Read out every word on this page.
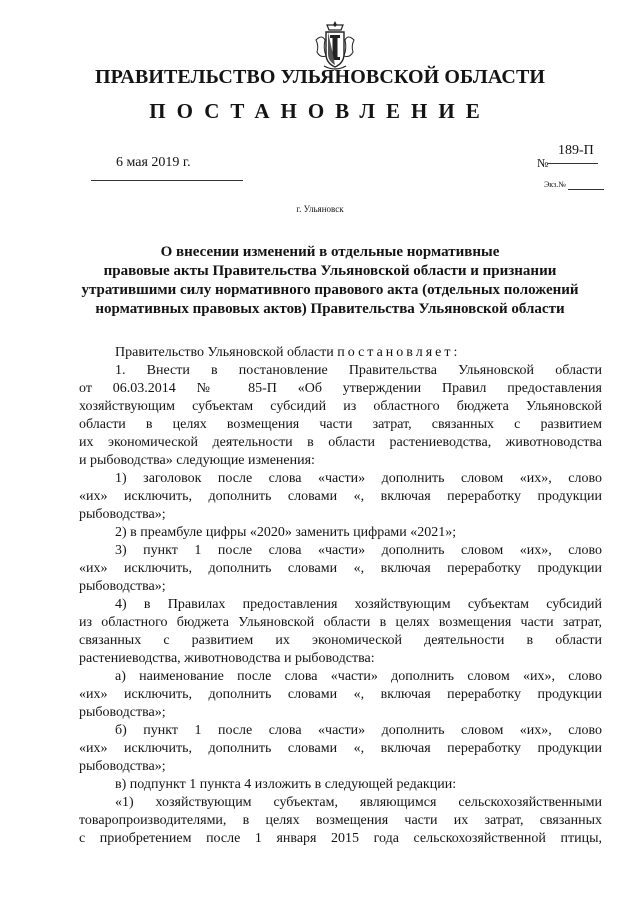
ПРАВИТЕЛЬСТВО УЛЬЯНОВСКОЙ ОБЛАСТИ
ПОСТАНОВЛЕНИЕ
6 мая 2019 г.	№
189-П
Экз.№
г. Ульяновск
О внесении изменений в отдельные нормативные
правовые акты Правительства Ульяновской области и признании
утратившими силу нормативного правового акта (отдельных положений
нормативных правовых актов) Правительства Ульяновской области
Правительство Ульяновской области постановляет:
1. Внести в постановление Правительства Ульяновской области
от 06.03.2014 № 85-П «Об утверждении Правил предоставления
хозяйствующим субъектам субсидий из областного бюджета Ульяновской
области в целях возмещения части затрат, связанных с развитием
их экономической деятельности в области растениеводства, животноводства
и рыбоводства» следующие изменения:
1) заголовок после слова «части» дополнить словом «их», слово
«их» исключить, дополнить словами «, включая переработку продукции
рыбоводства»;
2) в преамбуле цифры «2020» заменить цифрами «2021»;
3) пункт 1 после слова «части» дополнить словом «их», слово
«их» исключить, дополнить словами «, включая переработку продукции
рыбоводства»;
4) в Правилах предоставления хозяйствующим субъектам субсидий
из областного бюджета Ульяновской области в целях возмещения части затрат,
связанных с развитием их экономической деятельности в области
растениеводства, животноводства и рыбоводства:
а) наименование после слова «части» дополнить словом «их», слово
«их» исключить, дополнить словами «, включая переработку продукции
рыбоводства»;
б) пункт 1 после слова «части» дополнить словом «их», слово
«их» исключить, дополнить словами «, включая переработку продукции
рыбоводства»;
в) подпункт 1 пункта 4 изложить в следующей редакции:
«1) хозяйствующим субъектам, являющимся сельскохозяйственными
товаропроизводителями, в целях возмещения части их затрат, связанных
с приобретением после 1 января 2015 года сельскохозяйственной птицы,
